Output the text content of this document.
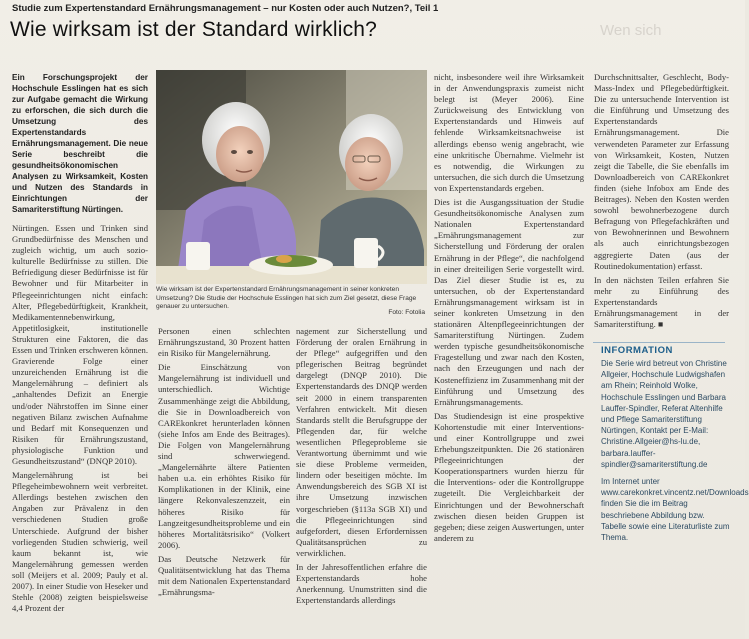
Studie zum Expertenstandard Ernährungsmanagement – nur Kosten oder auch Nutzen?, Teil 1
Wie wirksam ist der Standard wirklich?	Wen sich

Ein Forschungsprojekt der Hochschule Esslingen hat es sich zur Aufgabe gemacht die Wirkung zu erforschen, die sich durch die Umsetzung des Expertenstandards Ernährungsmanagement. Die neue Serie beschreibt die gesundheitsökonomischen Analysen zu Wirksamkeit, Kosten und Nutzen des Standards in Einrichtungen der Samariterstiftung Nürtingen.

Nürtingen. Essen und Trinken sind Grundbedürfnisse des Menschen und zugleich wichtig, um auch sozio-kulturelle Bedürfnisse zu stillen. Die Befriedigung dieser Bedürfnisse ist für Bewohner und für Mitarbeiter in Pflegeeinrichtungen nicht einfach: Alter, Pflegebedürftigkeit, Krankheit, Medikamentennebenwirkung, Appetitlosigkeit, institutionelle Strukturen eine Faktoren, die das Essen und Trinken erschweren können. Gravierende Folge einer unzureichenden Ernährung ist die Mangelernährung – definiert als „anhaltendes Defizit an Energie und/oder Nährstoffen im Sinne einer negativen Bilanz zwischen Aufnahme und Bedarf mit Konsequenzen und Risiken für Ernährungszustand, physiologische Funktion und Gesundheitszustand“ (DNQP 2010).

Mangelernährung ist bei Pflegeheimbewohnern weit verbreitet. Allerdings bestehen zwischen den Angaben zur Prävalenz in den verschiedenen Studien große Unterschiede. Aufgrund der bisher vorliegenden Studien schwierig, weil kaum bekannt ist, wie Mangelernährung gemessen werden soll (Meijers et al. 2009; Pauly et al. 2007). In einer Studie von Heseker und Stehle (2008) zeigten beispielsweise 4,4 Prozent der

Wie wirksam ist der Expertenstandard Ernährungsmanagement in seiner konkreten Umsetzung? Die Studie der Hochschule Esslingen hat sich zum Ziel gesetzt, diese Frage genauer zu untersuchen.
Foto: Fotolia

Personen einen schlechten Ernährungszustand, 30 Prozent hatten ein Risiko für Mangelernährung.

Die Einschätzung von Mangelernährung ist individuell und unterschiedlich. Wichtige Zusammenhänge zeigt die Abbildung, die Sie in Downloadbereich von CAREkonkret herunterladen können (siehe Infos am Ende des Beitrages). Die Folgen von Mangelernährung sind schwerwiegend. „Mangelernährte ältere Patienten haben u.a. ein erhöhtes Risiko für Komplikationen in der Klinik, eine längere Rekonvaleszenzzeit, ein höheres Risiko für Langzeitgesundheitsprobleme und ein höheres Mortalitätsrisiko“ (Volkert 2006).

Das Deutsche Netzwerk für Qualitätsentwicklung hat das Thema mit dem Nationalen Expertenstandard „Ernährungsma-

nagement zur Sicherstellung und Förderung der oralen Ernährung in der Pflege“ aufgegriffen und den pflegerischen Beitrag begründet dargelegt (DNQP 2010). Die Expertenstandards des DNQP werden seit 2000 in einem transparenten Verfahren entwickelt. Mit diesen Standards stellt die Berufsgruppe der Pflegenden dar, für welche wesentlichen Pflegeprobleme sie Verantwortung übernimmt und wie sie diese Probleme vermeiden, lindern oder beseitigen möchte. Im Anwendungsbereich des SGB XI ist ihre Umsetzung inzwischen vorgeschrieben (§113a SGB XI) und die Pflegeeinrichtungen sind aufgefordert, diesen Erfordernissen Qualitätsansprüchen zu verwirklichen.

In der Jahresoffentlichen erfahre die Expertenstandards hohe Anerkennung. Unumstritten sind die Expertenstandards allerdings

nicht, insbesondere weil ihre Wirksamkeit in der Anwendungspraxis zumeist nicht belegt ist (Meyer 2006). Eine Zurückweisung des Entwicklung von Expertenstandards und Hinweis auf fehlende Wirksamkeitsnachweise ist allerdings ebenso wenig angebracht, wie eine unkritische Übernahme. Vielmehr ist es notwendig, die Wirkungen zu untersuchen, die sich durch die Umsetzung von Expertenstandards ergeben.

Dies ist die Ausgangssituation der Studie Gesundheitsökonomische Analysen zum Nationalen Expertenstandard „Ernährungsmanagement zur Sicherstellung und Förderung der oralen Ernährung in der Pflege“, die nachfolgend in einer dreiteiligen Serie vorgestellt wird. Das Ziel dieser Studie ist es, zu untersuchen, ob der Expertenstandard Ernährungsmanagement wirksam ist in seiner konkreten Umsetzung in den stationären Altenpflegeeinrichtungen der Samariterstiftung Nürtingen. Zudem werden typische gesundheitsökonomische Fragestellung und zwar nach den Kosten, nach den Erzeugungen und nach der Kosteneffizienz im Zusammenhang mit der Einführung und Umsetzung des Ernährungsmanagements.

Das Studiendesign ist eine prospektive Kohortenstudie mit einer Interventions- und einer Kontrollgruppe und zwei Erhebungszeitpunkten. Die 26 stationären Pflegeeinrichtungen der Kooperationspartners wurden hierzu für die Interventions- oder die Kontrollgruppe zugeteilt. Die Vergleichbarkeit der Einrichtungen und der Bewohnerschaft zwischen diesen beiden Gruppen ist gegeben; diese zeigen Auswertungen, unter anderem zu

Durchschnittsalter, Geschlecht, Body-Mass-Index und Pflegebedürftigkeit. Die zu untersuchende Intervention ist die Einführung und Umsetzung des Expertenstandards Ernährungsmanagement. Die verwendeten Parameter zur Erfassung von Wirksamkeit, Kosten, Nutzen zeigt die Tabelle, die Sie ebenfalls im Downloadbereich von CAREkonkret finden (siehe Infobox am Ende des Beitrages). Neben den Kosten werden sowohl bewohnerbezogene durch Befragung von Pflegefachkräften und von Bewohnerinnen und Bewohnern als auch einrichtungsbezogen aggregierte Daten (aus der Routinedokumentation) erfasst.

In den nächsten Teilen erfahren Sie mehr zu Einführung des Expertenstandards Ernährungsmanagement in der Samariterstiftung. ■

INFORMATION

Die Serie wird betreut von Christine Allgeier, Hochschule Ludwigshafen am Rhein; Reinhold Wolke, Hochschule Esslingen und Barbara Lauffer-Spindler, Referat Altenhilfe und Pflege Samariterstiftung Nürtingen, Kontakt per E-Mail: Christine.Allgeier@hs-lu.de, barbara.lauffer-spindler@samariterstiftung.de

Im Internet unter www.carekonkret.vincentz.net/Downloads finden Sie die im Beitrag beschriebene Abbildung bzw. Tabelle sowie eine Literaturliste zum Thema.
